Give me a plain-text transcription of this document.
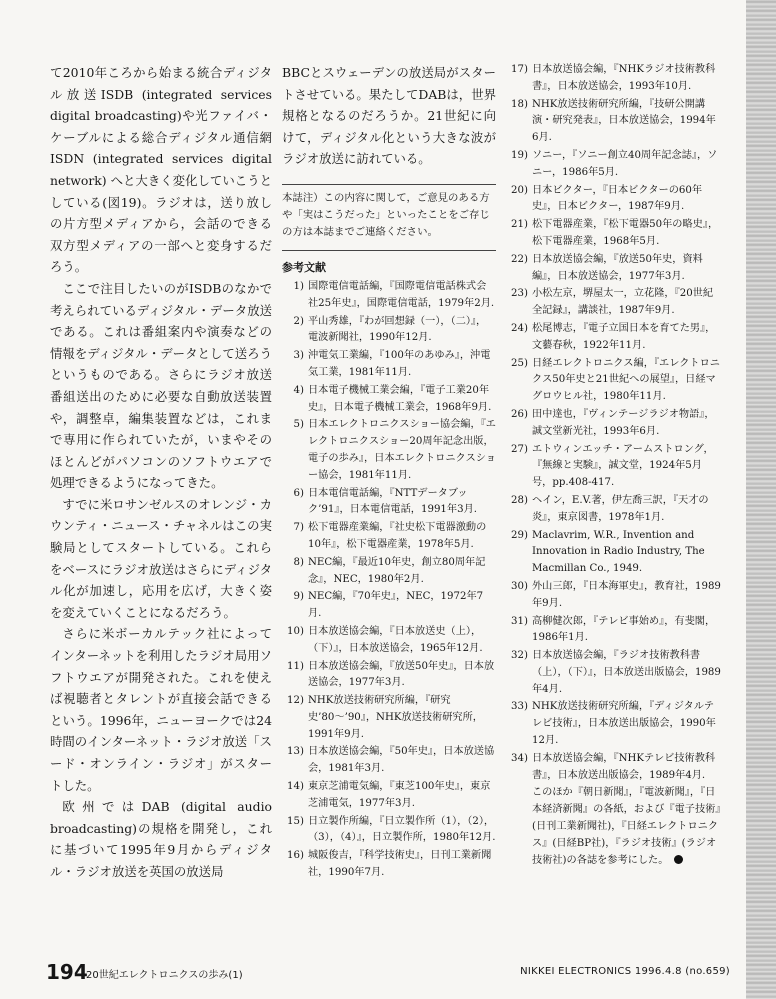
て2010年ころから始まる統合ディジタル放送ISDB (integrated services digital broadcasting)や光ファイバ・ケーブルによる総合ディジタル通信網ISDN (integrated services digital network) へと大きく変化していこうとしている(図19)。ラジオは，送り放しの片方型メディアから，会話のできる双方型メディアの一部へと変身するだろう。

ここで注目したいのがISDBのなかで考えられているディジタル・データ放送である。これは番組案内や演奏などの情報をディジタル・データとして送ろうというものである。さらにラジオ放送番組送出のために必要な自動放送装置や，調整卓，編集装置などは，これまで専用に作られていたが，いまやそのほとんどがパソコンのソフトウエアで処理できるようになってきた。

すでに米ロサンゼルスのオレンジ・カウンティ・ニュース・チャネルはこの実験局としてスタートしている。これらをベースにラジオ放送はさらにディジタル化が加速し，応用を広げ，大きく姿を変えていくことになるだろう。

さらに米ボーカルテック社によってインターネットを利用したラジオ局用ソフトウエアが開発された。これを使えば視聴者とタレントが直接会話できるという。1996年，ニューヨークでは24時間のインターネット・ラジオ放送「スード・オンライン・ラジオ」がスタートした。

欧州ではDAB (digital audio broadcasting)の規格を開発し，これに基づいて1995年9月からディジタル・ラジオ放送を英国の放送局

BBCとスウェーデンの放送局がスタートさせている。果たしてDABは，世界規格となるのだろうか。21世紀に向けて，ディジタル化という大きな波がラジオ放送に訪れている。

本誌注）この内容に関して，ご意見のある方や「実はこうだった」といったことをご存じの方は本誌までご連絡ください。
参考文献
1) 国際電信電話編，『国際電信電話株式会社25年史』，国際電信電話，1979年2月.
2) 平山秀雄，『わが回想録（一），（二）』，電波新聞社，1990年12月.
3) 沖電気工業編，『100年のあゆみ』，沖電気工業，1981年11月.
4) 日本電子機械工業会編，『電子工業20年史』，日本電子機械工業会，1968年9月.
5) 日本エレクトロニクスショー協会編，『エレクトロニクスショー20周年記念出版，電子の歩み』，日本エレクトロニクスショー協会，1981年11月.
6) 日本電信電話編，『NTTデータブック’91』，日本電信電話，1991年3月.
7) 松下電器産業編，『社史松下電器激動の10年』，松下電器産業，1978年5月.
8) NEC編，『最近10年史，創立80周年記念』，NEC，1980年2月.
9) NEC編，『70年史』，NEC，1972年7月.
10) 日本放送協会編，『日本放送史（上），（下）』，日本放送協会，1965年12月.
11) 日本放送協会編，『放送50年史』，日本放送協会，1977年3月.
12) NHK放送技術研究所編，『研究史’80〜’90』，NHK放送技術研究所，1991年9月.
13) 日本放送協会編，『50年史』，日本放送協会，1981年3月.
14) 東京芝浦電気編，『東芝100年史』，東京芝浦電気，1977年3月.
15) 日立製作所編，『日立製作所（1），（2），（3），（4）』，日立製作所，1980年12月.
16) 城阪俊吉，『科学技術史』，日刊工業新聞社，1990年7月.
17) 日本放送協会編，『NHKラジオ技術教科書』，日本放送協会，1993年10月.
18) NHK放送技術研究所編，『技研公開講演・研究発表』，日本放送協会，1994年6月.
19) ソニー，『ソニー創立40周年記念誌』，ソニー，1986年5月.
20) 日本ビクター，『日本ビクターの60年史』，日本ビクター，1987年9月.
21) 松下電器産業，『松下電器50年の略史』，松下電器産業，1968年5月.
22) 日本放送協会編，『放送50年史，資料編』，日本放送協会，1977年3月.
23) 小松左京，堺屋太一，立花隆，『20世紀全記録』，講談社，1987年9月.
24) 松尾博志，『電子立国日本を育てた男』，文藝春秋，1922年11月.
25) 日経エレクトロニクス編，『エレクトロニクス50年史と21世紀への展望』，日経マグロウヒル社，1980年11月.
26) 田中達也，『ヴィンテージラジオ物語』，誠文堂新光社，1993年6月.
27) エトウィンエッチ・アームストロング，『無線と実験』，誠文堂，1924年5月号，pp.408-417.
28) ヘイン，E.V.著，伊左喬三訳，『天才の炎』，東京図書，1978年1月.
29) Maclavrim, W.R., Invention and Innovation in Radio Industry, The Macmillan Co., 1949.
30) 外山三郎，『日本海軍史』，教育社，1989年9月.
31) 高柳健次郎，『テレビ事始め』，有斐閣，1986年1月.
32) 日本放送協会編，『ラジオ技術教科書（上），（下）』，日本放送出版協会，1989年4月.
33) NHK放送技術研究所編，『ディジタルテレビ技術』，日本放送出版協会，1990年12月.
34) 日本放送協会編，『NHKテレビ技術教科書』，日本放送出版協会，1989年4月.
このほか『朝日新聞』，『電波新聞』，『日本経済新聞』の各紙，および『電子技術』(日刊工業新聞社)，『日経エレクトロニクス』(日経BP社)，『ラジオ技術』(ラジオ技術社)の各誌を参考にした。
194
20世紀エレクトロニクスの歩み(1)	NIKKEI ELECTRONICS 1996.4.8 (no.659)
